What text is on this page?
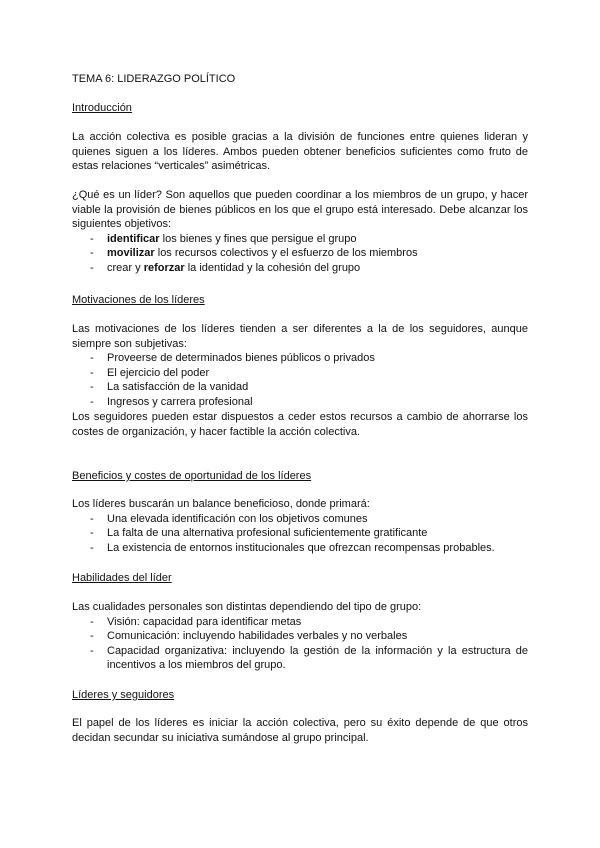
TEMA 6: LIDERAZGO POLÍTICO
Introducción
La acción colectiva es posible gracias a la división de funciones entre quienes lideran y
quienes siguen a los líderes. Ambos pueden obtener beneficios suficientes como fruto de
estas relaciones “verticales” asimétricas.
¿Qué es un líder? Son aquellos que pueden coordinar a los miembros de un grupo, y hacer
viable la provisión de bienes públicos en los que el grupo está interesado. Debe alcanzar los
siguientes objetivos:
- identificar los bienes y fines que persigue el grupo
- movilizar los recursos colectivos y el esfuerzo de los miembros
- crear y reforzar la identidad y la cohesión del grupo
Motivaciones de los líderes
Las motivaciones de los líderes tienden a ser diferentes a la de los seguidores, aunque
siempre son subjetivas:
- Proveerse de determinados bienes públicos o privados
- El ejercicio del poder
- La satisfacción de la vanidad
- Ingresos y carrera profesional
Los seguidores pueden estar dispuestos a ceder estos recursos a cambio de ahorrarse los
costes de organización, y hacer factible la acción colectiva.
Beneficios y costes de oportunidad de los líderes
Los líderes buscarán un balance beneficioso, donde primará:
- Una elevada identificación con los objetivos comunes
- La falta de una alternativa profesional suficientemente gratificante
- La existencia de entornos institucionales que ofrezcan recompensas probables.
Habilidades del líder
Las cualidades personales son distintas dependiendo del tipo de grupo:
- Visión: capacidad para identificar metas
- Comunicación: incluyendo habilidades verbales y no verbales
- Capacidad organizativa: incluyendo la gestión de la información y la estructura de
incentivos a los miembros del grupo.
Líderes y seguidores
El papel de los líderes es iniciar la acción colectiva, pero su éxito depende de que otros
decidan secundar su iniciativa sumándose al grupo principal.
